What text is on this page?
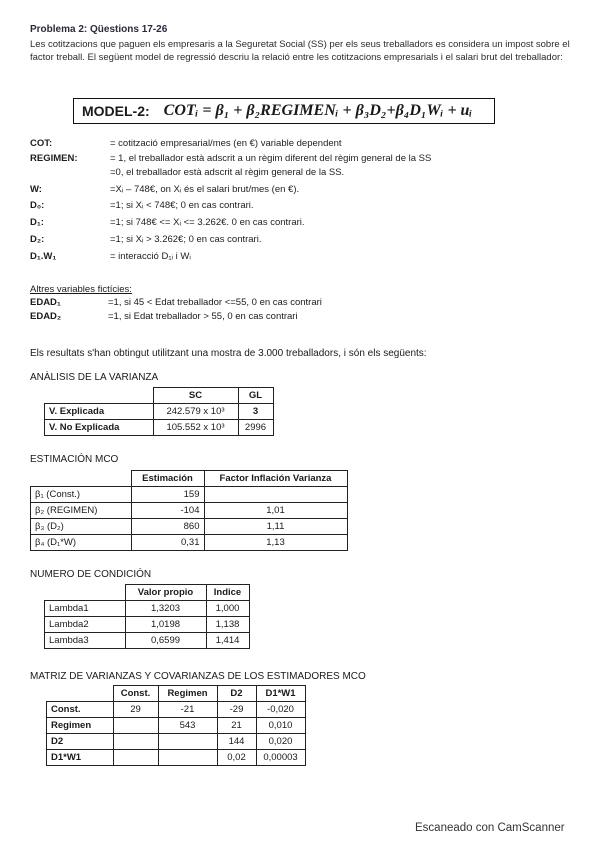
Problema 2: Qüestions 17-26
Les cotitzacions que paguen els empresaris a la Seguretat Social (SS) per els seus treballadors es considera un impost sobre el factor treball. El següent model de regressió descriu la relació entre les cotitzacions empresarials i el salari brut del treballador:
MODEL-2: COTᵢ = β₁ + β₂REGIMENᵢ + β₃D₂+β₄D₁Wᵢ + uᵢ
COT:	= cotització empresarial/mes (en €) variable dependent
REGIMEN:	= 1, el treballador està adscrit a un règim diferent del règim general de la SS
=0, el treballador està adscrit al règim general de la SS.
W:	=Xᵢ – 748€, on Xᵢ és el salari brut/mes (en €).
D₀:	=1; si Xᵢ < 748€; 0 en cas contrari.
D₁:	=1; si 748€ <= Xᵢ <= 3.262€. 0 en cas contrari.
D₂:	=1; si Xᵢ > 3.262€; 0 en cas contrari.
D₁.W₁	= interacció D₁ᵢ i Wᵢ
Altres variables fictícies:
EDAD₁	=1, si 45 < Edat treballador <=55, 0 en cas contrari
EDAD₂	=1, si Edat treballador > 55, 0 en cas contrari
Els resultats s'han obtingut utilitzant una mostra de 3.000 treballadors, i són els següents:
ANÀLISIS DE LA VARIANZA
	SC	GL
V. Explicada	242.579 x 10³	3
V. No Explicada	105.552 x 10³	2996
ESTIMACIÓN MCO
	Estimación	Factor Inflación Varianza
β₁ (Const.)	159	
β₂ (REGIMEN)	-104	1,01
β₃ (D₂)	860	1,11
β₄ (D₁*W)	0,31	1,13
NUMERO DE CONDICIÓN
	Valor propio	Indice
Lambda1	1,3203	1,000
Lambda2	1,0198	1,138
Lambda3	0,6599	1,414
MATRIZ DE VARIANZAS Y COVARIANZAS DE LOS ESTIMADORES MCO
	Const.	Regimen	D2	D1*W1
Const.	29	-21	-29	-0,020
Regimen		543	21	0,010
D2			144	0,020
D1*W1			0,02	0,00003
Escaneado con CamScanner
